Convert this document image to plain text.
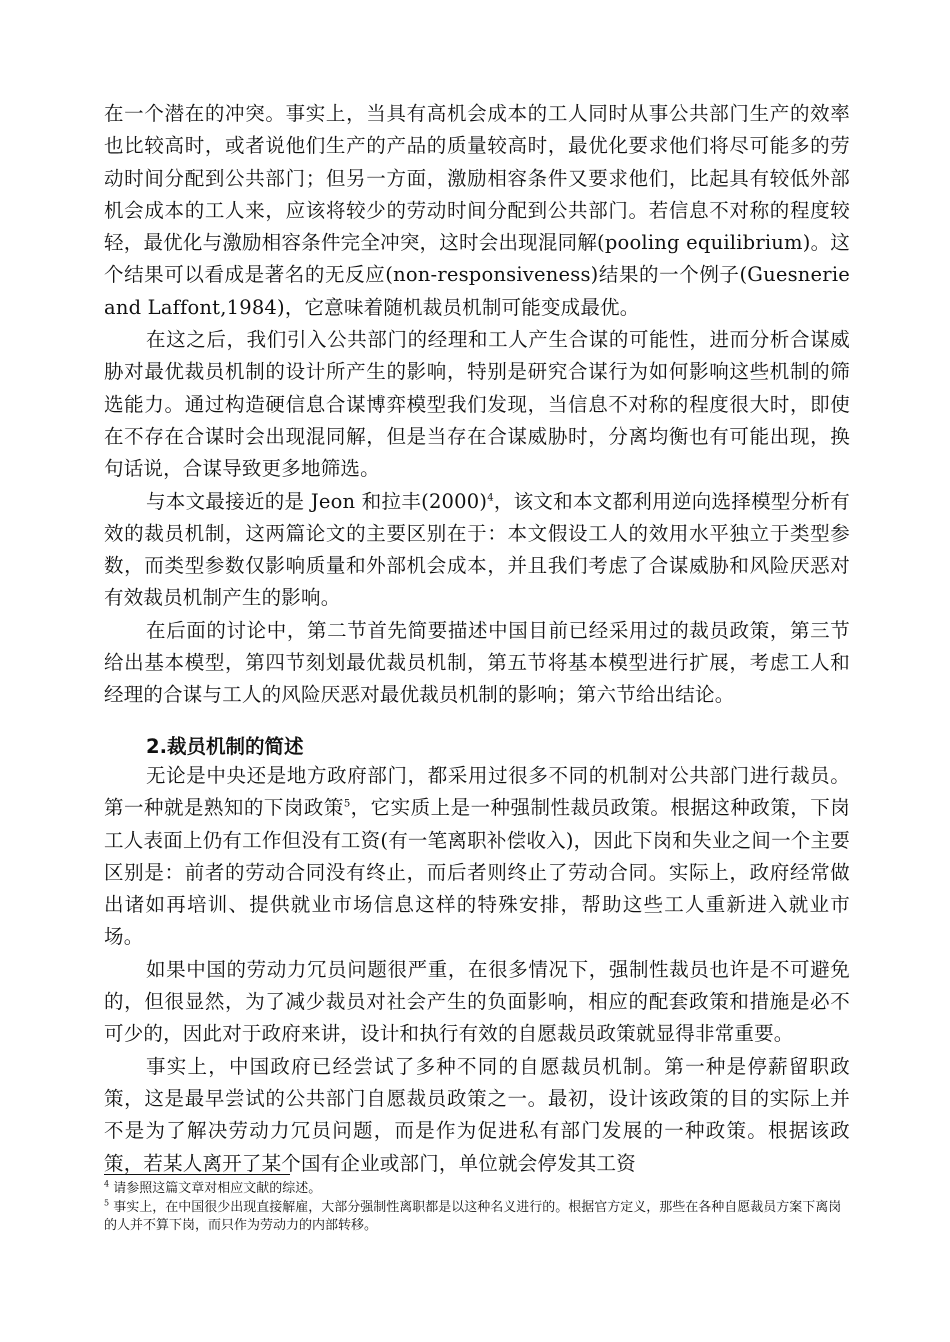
在一个潜在的冲突。事实上，当具有高机会成本的工人同时从事公共部门生产的效率也比较高时，或者说他们生产的产品的质量较高时，最优化要求他们将尽可能多的劳动时间分配到公共部门；但另一方面，激励相容条件又要求他们，比起具有较低外部机会成本的工人来，应该将较少的劳动时间分配到公共部门。若信息不对称的程度较轻，最优化与激励相容条件完全冲突，这时会出现混同解(pooling equilibrium)。这个结果可以看成是著名的无反应(non-responsiveness)结果的一个例子(Guesnerie and Laffont,1984)，它意味着随机裁员机制可能变成最优。

在这之后，我们引入公共部门的经理和工人产生合谋的可能性，进而分析合谋威胁对最优裁员机制的设计所产生的影响，特别是研究合谋行为如何影响这些机制的筛选能力。通过构造硬信息合谋博弈模型我们发现，当信息不对称的程度很大时，即使在不存在合谋时会出现混同解，但是当存在合谋威胁时，分离均衡也有可能出现，换句话说，合谋导致更多地筛选。

与本文最接近的是 Jeon 和拉丰$(2000)^4$，该文和本文都利用逆向选择模型分析有效的裁员机制，这两篇论文的主要区别在于：本文假设工人的效用水平独立于类型参数，而类型参数仅影响质量和外部机会成本，并且我们考虑了合谋威胁和风险厌恶对有效裁员机制产生的影响。

在后面的讨论中，第二节首先简要描述中国目前已经采用过的裁员政策，第三节给出基本模型，第四节刻划最优裁员机制，第五节将基本模型进行扩展，考虑工人和经理的合谋与工人的风险厌恶对最优裁员机制的影响；第六节给出结论。

2.裁员机制的简述

无论是中央还是地方政府部门，都采用过很多不同的机制对公共部门进行裁员。第一种就是熟知的下岗政策$^5$，它实质上是一种强制性裁员政策。根据这种政策，下岗工人表面上仍有工作但没有工资(有一笔离职补偿收入)，因此下岗和失业之间一个主要区别是：前者的劳动合同没有终止，而后者则终止了劳动合同。实际上，政府经常做出诸如再培训、提供就业市场信息这样的特殊安排，帮助这些工人重新进入就业市场。

如果中国的劳动力冗员问题很严重，在很多情况下，强制性裁员也许是不可避免的，但很显然，为了减少裁员对社会产生的负面影响，相应的配套政策和措施是必不可少的，因此对于政府来讲，设计和执行有效的自愿裁员政策就显得非常重要。

事实上，中国政府已经尝试了多种不同的自愿裁员机制。第一种是停薪留职政策，这是最早尝试的公共部门自愿裁员政策之一。最初，设计该政策的目的实际上并不是为了解决劳动力冗员问题，而是作为促进私有部门发展的一种政策。根据该政策，若某人离开了某个国有企业或部门，单位就会停发其工资

$^4$ 请参照这篇文章对相应文献的综述。

$^5$ 事实上，在中国很少出现直接解雇，大部分强制性离职都是以这种名义进行的。根据官方定义，那些在各种自愿裁员方案下离岗的人并不算下岗，而只作为劳动力的内部转移。
